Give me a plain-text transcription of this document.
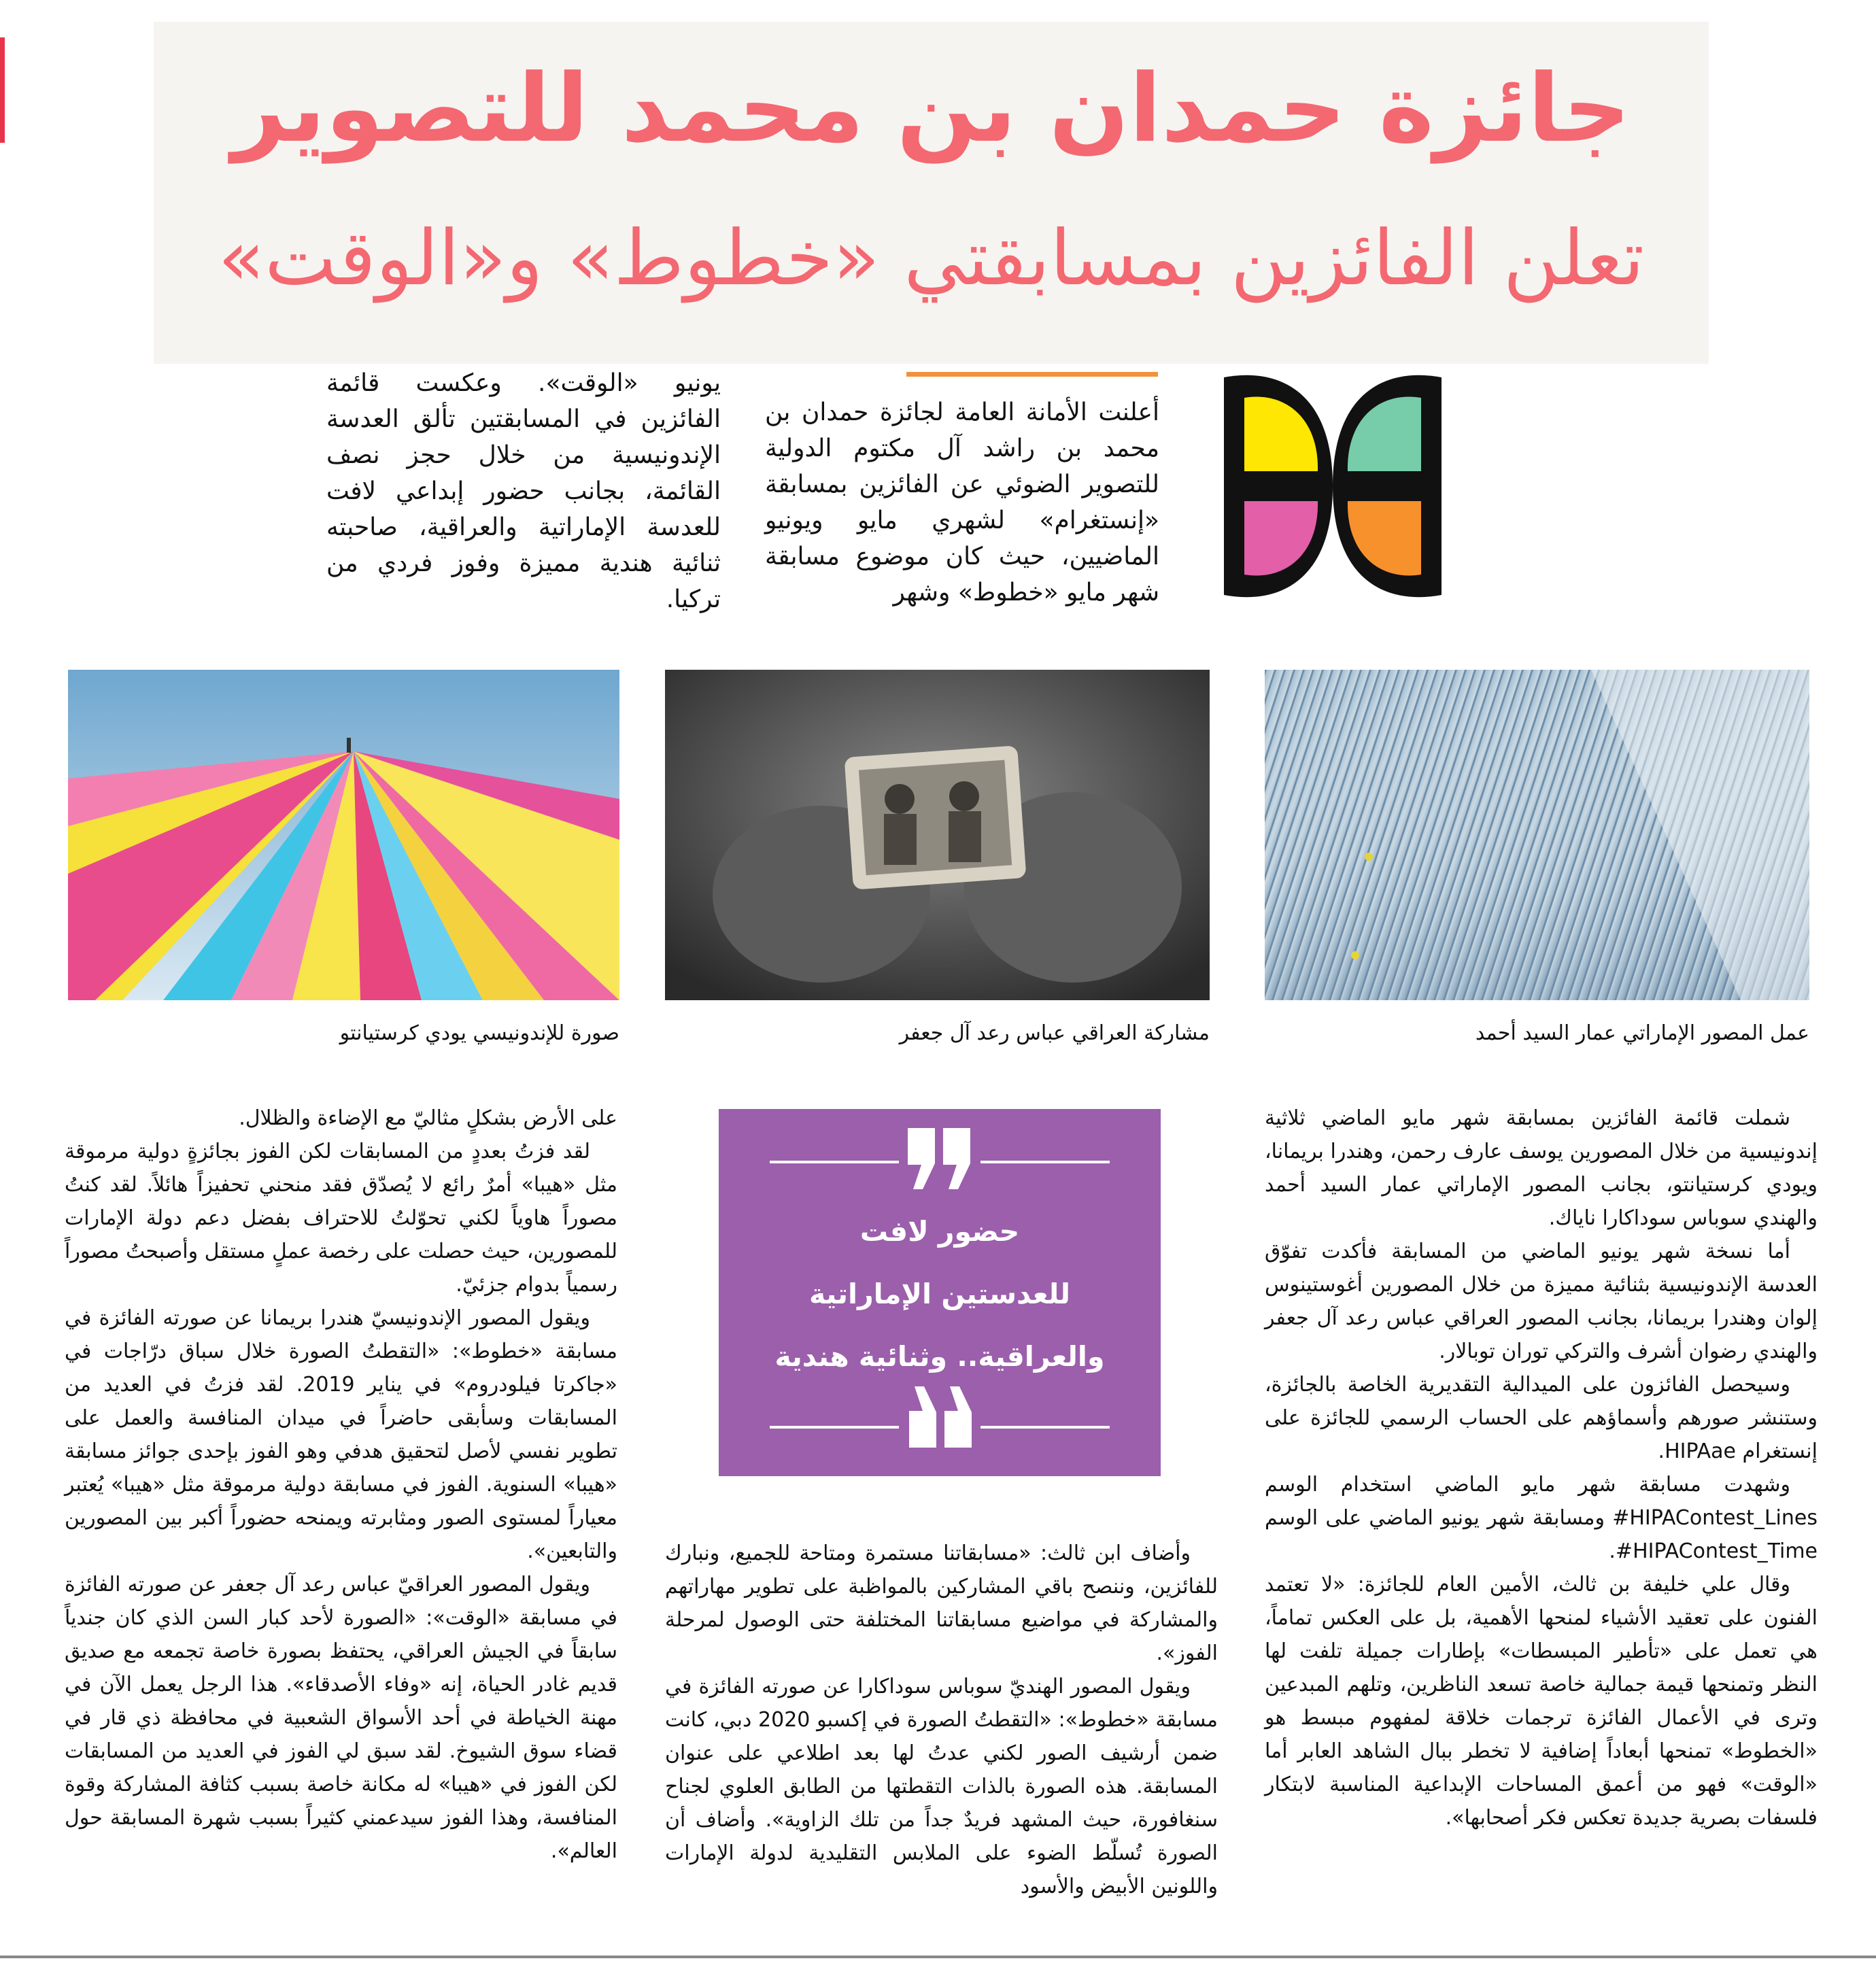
جائزة حمدان بن محمد للتصوير
تعلن الفائزين بمسابقتي «خطوط» و«الوقت»
أعلنت الأمانة العامة لجائزة حمدان بن محمد بن راشد آل مكتوم الدولية للتصوير الضوئي عن الفائزين بمسابقة «إنستغرام» لشهري مايو ويونيو الماضيين، حيث كان موضوع مسابقة شهر مايو «خطوط» وشهر
يونيو «الوقت». وعكست قائمة الفائزين في المسابقتين تألق العدسة الإندونيسية من خلال حجز نصف القائمة، بجانب حضور إبداعي لافت للعدسة الإماراتية والعراقية، صاحبته ثنائية هندية مميزة وفوز فردي من تركيا.
عمل المصور الإماراتي عمار السيد أحمد
مشاركة العراقي عباس رعد آل جعفر
صورة للإندونيسي يودي كرستيانتو

شملت قائمة الفائزين بمسابقة شهر مايو الماضي ثلاثية إندونيسية من خلال المصورين يوسف عارف رحمن، وهندرا بريمانا، ويودي كرستيانتو، بجانب المصور الإماراتي عمار السيد أحمد والهندي سوباس سوداكارا ناياك.

أما نسخة شهر يونيو الماضي من المسابقة فأكدت تفوّق العدسة الإندونيسية بثنائية مميزة من خلال المصورين أغوستينوس إلوان وهندرا بريمانا، بجانب المصور العراقي عباس رعد آل جعفر والهندي رضوان أشرف والتركي توران توبالار.

وسيحصل الفائزون على الميدالية التقديرية الخاصة بالجائزة، وستنشر صورهم وأسماؤهم على الحساب الرسمي للجائزة على إنستغرام HIPAae.

وشهدت مسابقة شهر مايو الماضي استخدام الوسم HIPAContest_Lines# ومسابقة شهر يونيو الماضي على الوسم HIPAContest_Time#.

وقال علي خليفة بن ثالث، الأمين العام للجائزة: «لا تعتمد الفنون على تعقيد الأشياء لمنحها الأهمية، بل على العكس تماماً، هي تعمل على «تأطير المبسطات» بإطارات جميلة تلفت لها النظر وتمنحها قيمة جمالية خاصة تسعد الناظرين، وتلهم المبدعين وترى في الأعمال الفائزة ترجمات خلاقة لمفهوم مبسط هو «الخطوط» تمنحها أبعاداً إضافية لا تخطر ببال الشاهد العابر أما «الوقت» فهو من أعمق المساحات الإبداعية المناسبة لابتكار فلسفات بصرية جديدة تعكس فكر أصحابها».

حضور لافت
للعدستين الإماراتية
والعراقية.. وثنائية هندية

وأضاف ابن ثالث: «مسابقاتنا مستمرة ومتاحة للجميع، ونبارك للفائزين، وننصح باقي المشاركين بالمواظبة على تطوير مهاراتهم والمشاركة في مواضيع مسابقاتنا المختلفة حتى الوصول لمرحلة الفوز».

ويقول المصور الهنديّ سوباس سوداكارا عن صورته الفائزة في مسابقة «خطوط»: «التقطتُ الصورة في إكسبو 2020 دبي، كانت ضمن أرشيف الصور لكني عدتُ لها بعد اطلاعي على عنوان المسابقة. هذه الصورة بالذات التقطتها من الطابق العلوي لجناح سنغافورة، حيث المشهد فريدٌ جداً من تلك الزاوية». وأضاف أن الصورة تُسلّط الضوء على الملابس التقليدية لدولة الإمارات واللونين الأبيض والأسود

على الأرض بشكلٍ مثاليّ مع الإضاءة والظلال.

لقد فزتُ بعددٍ من المسابقات لكن الفوز بجائزةٍ دولية مرموقة مثل «هيبا» أمرٌ رائع لا يُصدّق فقد منحني تحفيزاً هائلاً. لقد كنتُ مصوراً هاوياً لكني تحوّلتُ للاحتراف بفضل دعم دولة الإمارات للمصورين، حيث حصلت على رخصة عملٍ مستقل وأصبحتُ مصوراً رسمياً بدوام جزئيّ.

ويقول المصور الإندونيسيّ هندرا بريمانا عن صورته الفائزة في مسابقة «خطوط»: «التقطتُ الصورة خلال سباق درّاجات في «جاكرتا فيلودروم» في يناير 2019. لقد فزتُ في العديد من المسابقات وسأبقى حاضراً في ميدان المنافسة والعمل على تطوير نفسي لأصل لتحقيق هدفي وهو الفوز بإحدى جوائز مسابقة «هيبا» السنوية. الفوز في مسابقة دولية مرموقة مثل «هيبا» يُعتبر معياراً لمستوى الصور ومثابرته ويمنحه حضوراً أكبر بين المصورين والتابعين».

ويقول المصور العراقيّ عباس رعد آل جعفر عن صورته الفائزة في مسابقة «الوقت»: «الصورة لأحد كبار السن الذي كان جندياً سابقاً في الجيش العراقي، يحتفظ بصورة خاصة تجمعه مع صديق قديم غادر الحياة، إنه «وفاء الأصدقاء». هذا الرجل يعمل الآن في مهنة الخياطة في أحد الأسواق الشعبية في محافظة ذي قار في قضاء سوق الشيوخ. لقد سبق لي الفوز في العديد من المسابقات لكن الفوز في «هيبا» له مكانة خاصة بسبب كثافة المشاركة وقوة المنافسة، وهذا الفوز سيدعمني كثيراً بسبب شهرة المسابقة حول العالم».
